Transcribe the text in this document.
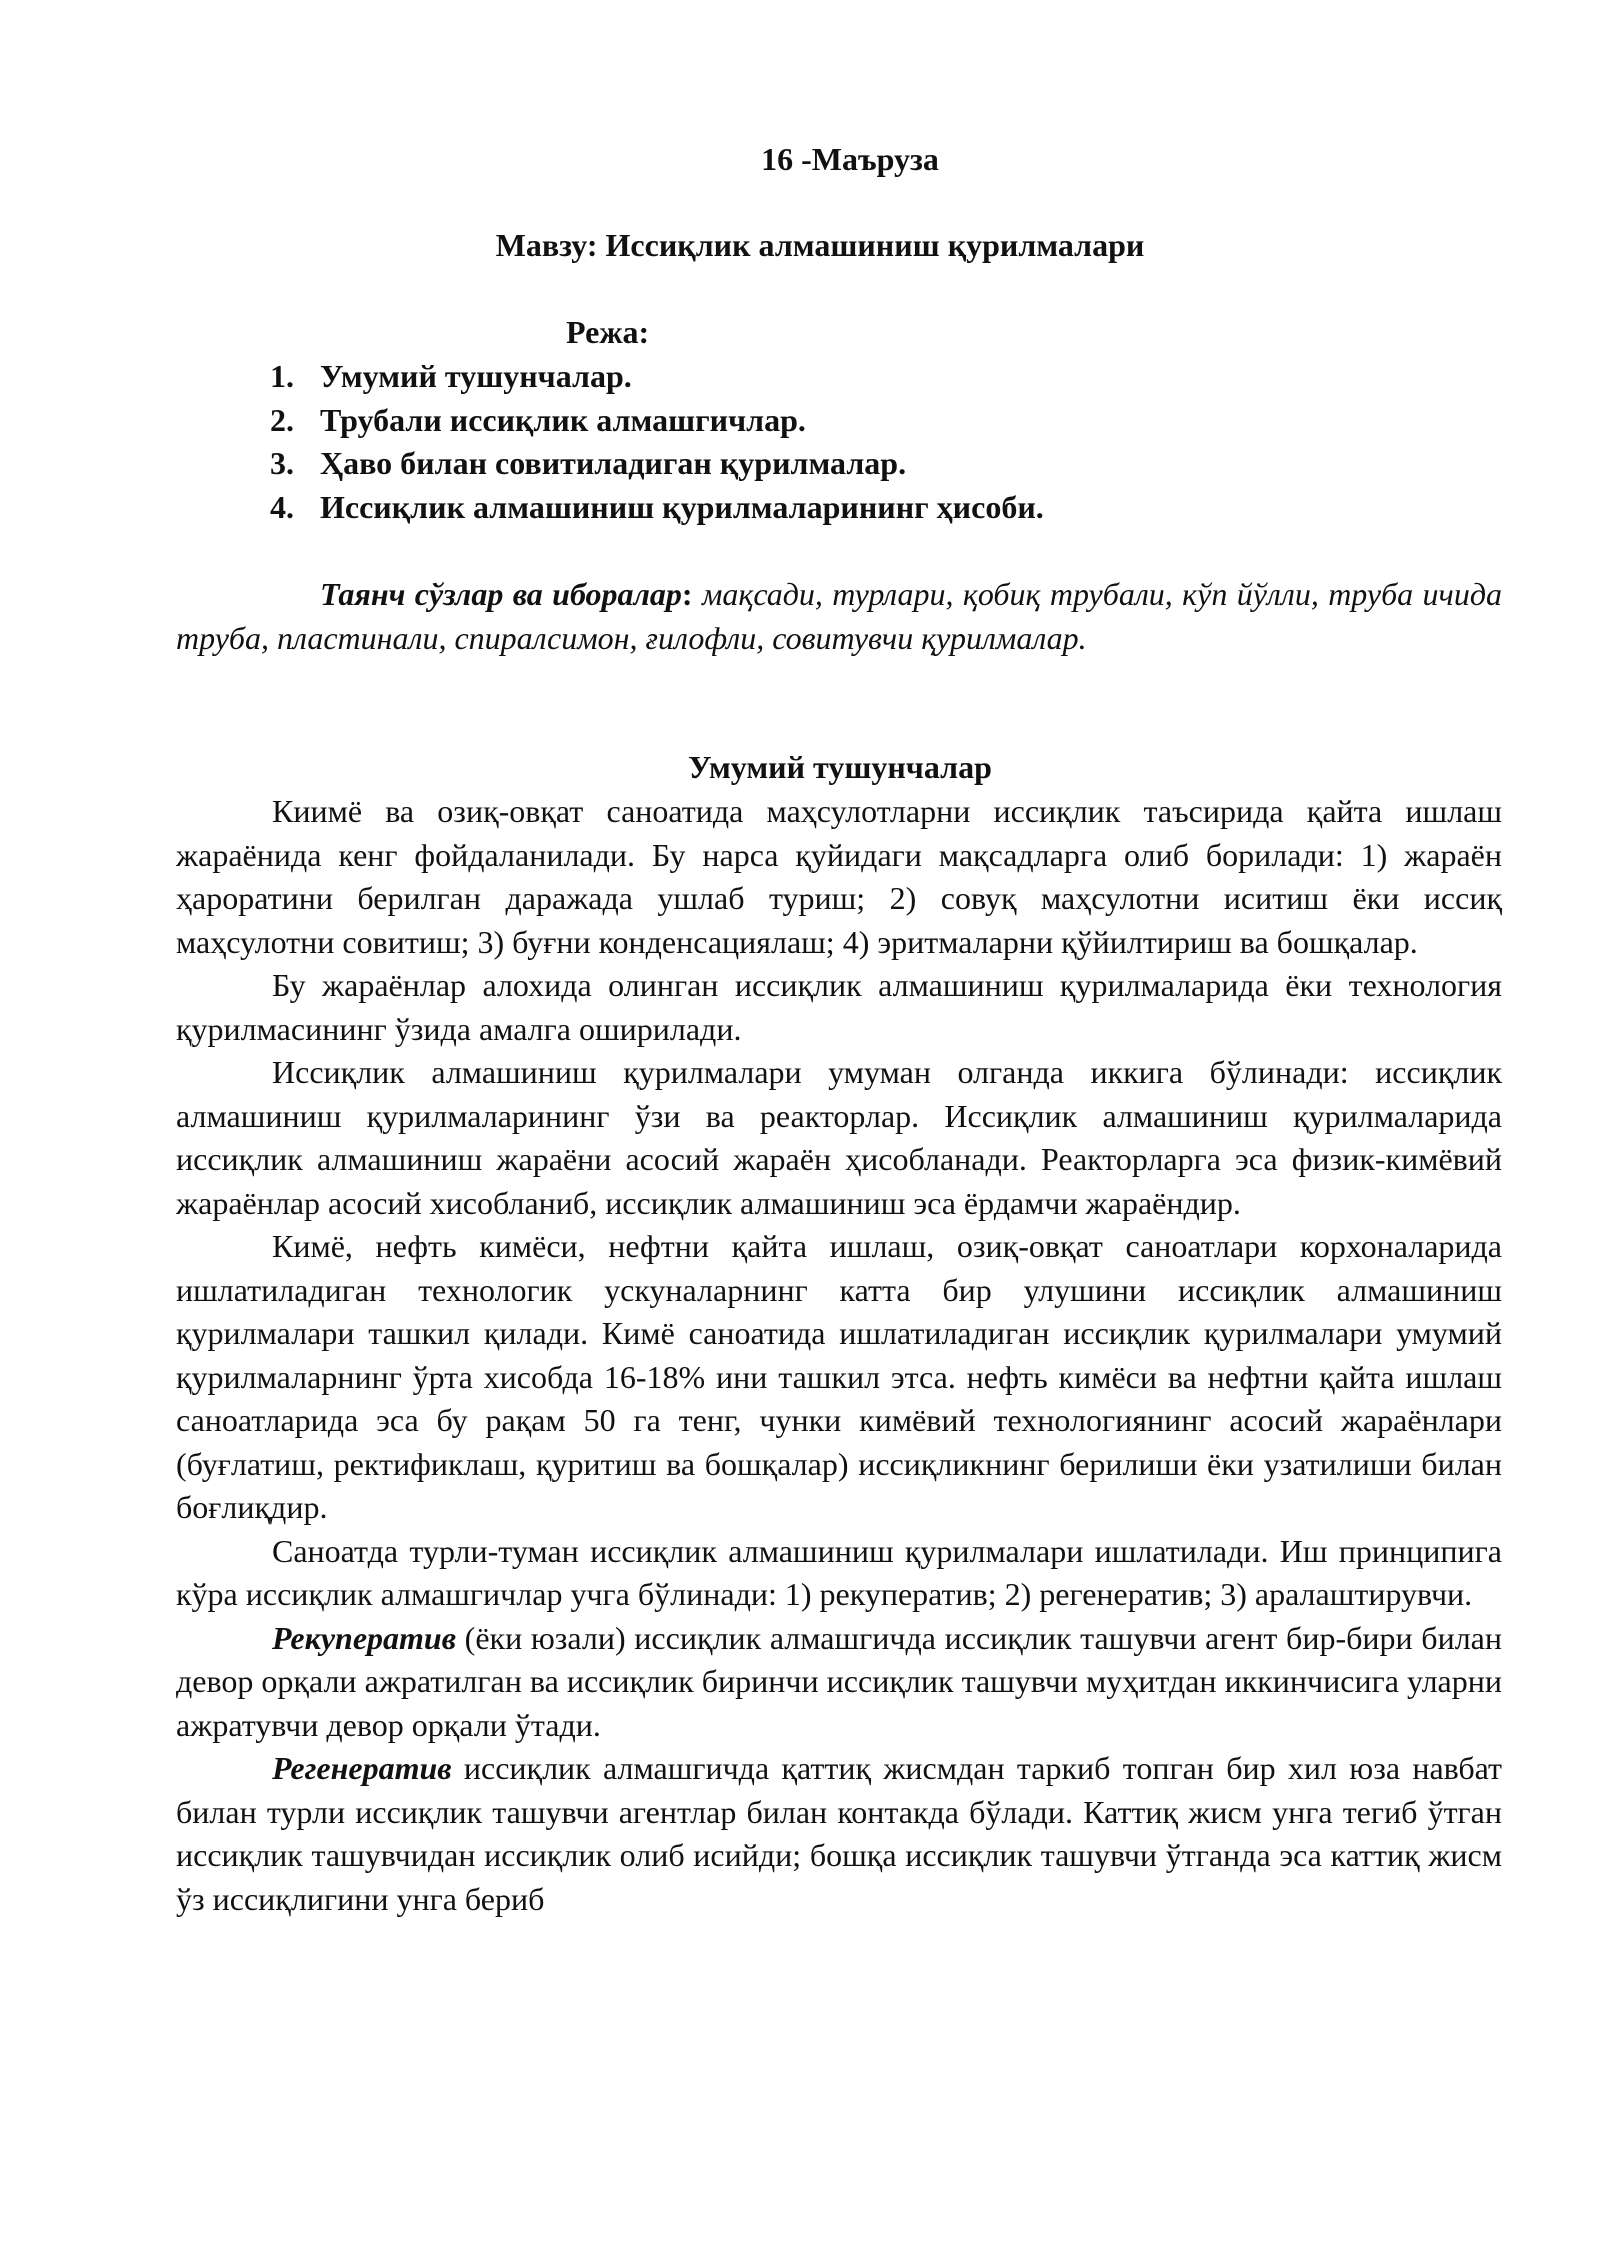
16 -Маъруза
Мавзу: Иссиқлик алмашиниш қурилмалари
Режа:
1. Умумий тушунчалар.
2. Трубали иссиқлик алмашгичлар.
3. Ҳаво билан совитиладиган қурилмалар.
4. Иссиқлик алмашиниш қурилмаларининг ҳисоби.
Таянч сўзлар ва иборалар: мақсади, турлари, қобиқ трубали, кўп йўлли, труба ичида труба, пластинали, спиралсимон, ғилофли, совитувчи қурилмалар.
Умумий тушунчалар

Киимё ва озиқ-овқат саноатида маҳсулотларни иссиқлик таъсирида қайта ишлаш жараёнида кенг фойдаланилади. Бу нарса қуйидаги мақсадларга олиб борилади: 1) жараён ҳароратини берилган даражада ушлаб туриш; 2) совуқ маҳсулотни иситиш ёки иссиқ маҳсулотни совитиш; 3) буғни конденсациялаш; 4) эритмаларни қўйилтириш ва бошқалар.

Бу жараёнлар алохида олинган иссиқлик алмашиниш қурилмаларида ёки технология қурилмасининг ўзида амалга оширилади.

Иссиқлик алмашиниш қурилмалари умуман олганда иккига бўлинади: иссиқлик алмашиниш қурилмаларининг ўзи ва реакторлар. Иссиқлик алмашиниш қурилмаларида иссиқлик алмашиниш жараёни асосий жараён ҳисобланади. Реакторларга эса физик-кимёвий жараёнлар асосий хисобланиб, иссиқлик алмашиниш эса ёрдамчи жараёндир.

Кимё, нефть кимёси, нефтни қайта ишлаш, озиқ-овқат саноатлари корхоналарида ишлатиладиган технологик ускуналарнинг катта бир улушини иссиқлик алмашиниш қурилмалари ташкил қилади. Кимё саноатида ишлатиладиган иссиқлик қурилмалари умумий қурилмаларнинг ўрта хисобда 16-18% ини ташкил этса. нефть кимёси ва нефтни қайта ишлаш саноатларида эса бу рақам 50 га тенг, чунки кимёвий технологиянинг асосий жараёнлари (буғлатиш, ректификлаш, қуритиш ва бошқалар) иссиқликнинг берилиши ёки узатилиши билан боғлиқдир.

Саноатда турли-туман иссиқлик алмашиниш қурилмалари ишлатилади. Иш принципига кўра иссиқлик алмашгичлар учга бўлинади: 1) рекуператив; 2) регенератив; 3) аралаштирувчи.

Рекуператив (ёки юзали) иссиқлик алмашгичда иссиқлик ташувчи агент бир-бири билан девор орқали ажратилган ва иссиқлик биринчи иссиқлик ташувчи муҳитдан иккинчисига уларни ажратувчи девор орқали ўтади.

Регенератив иссиқлик алмашгичда қаттиқ жисмдан таркиб топган бир хил юза навбат билан турли иссиқлик ташувчи агентлар билан контакда бўлади. Каттиқ жисм унга тегиб ўтган иссиқлик ташувчидан иссиқлик олиб исийди; бошқа иссиқлик ташувчи ўтганда эса каттиқ жисм ўз иссиқлигини унга бериб
